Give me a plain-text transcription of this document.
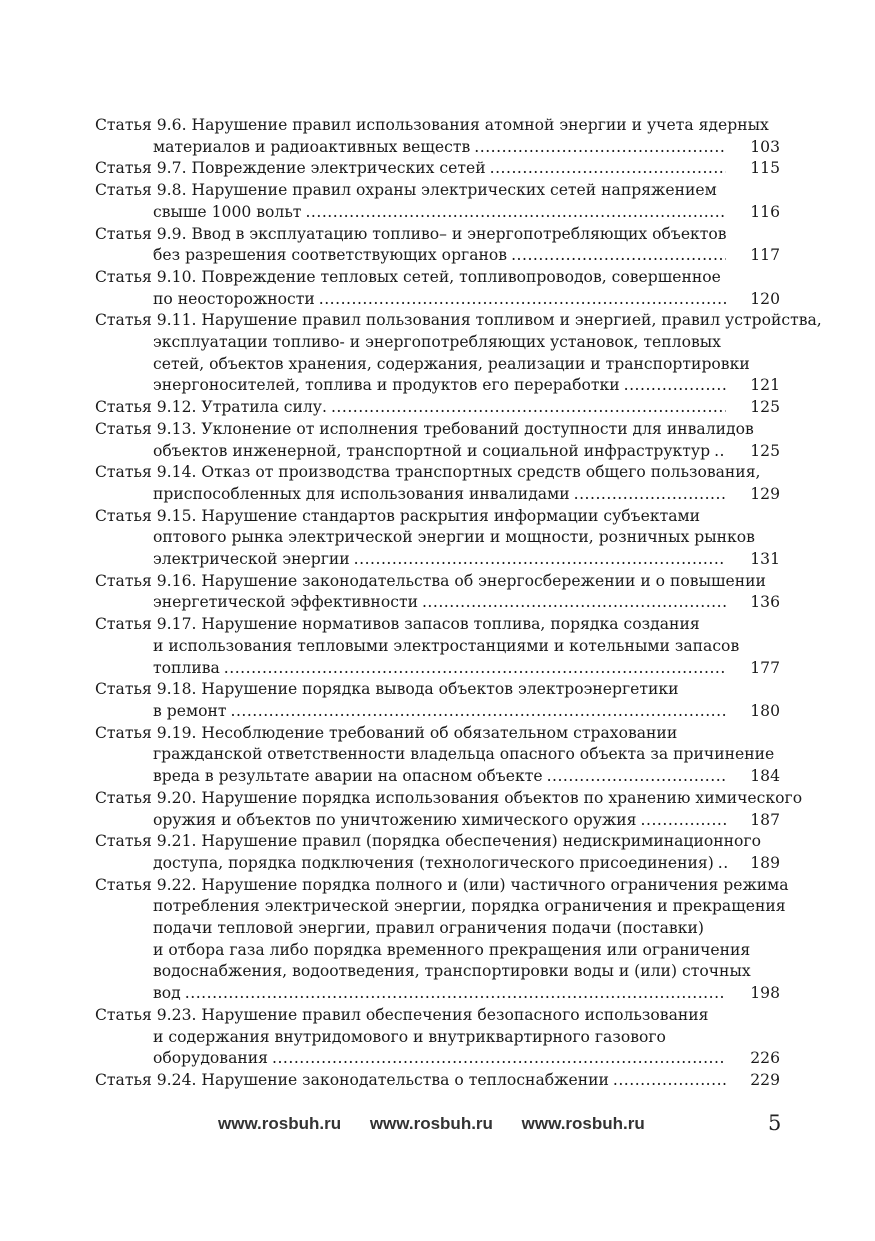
Статья 9.6. Нарушение правил использования атомной энергии и учета ядерных
материалов и радиоактивных веществ .....	103
Статья 9.7. Повреждение электрических сетей .....	115
Статья 9.8. Нарушение правил охраны электрических сетей напряжением
свыше 1000 вольт .....	116
Статья 9.9. Ввод в эксплуатацию топливо– и энергопотребляющих объектов
без разрешения соответствующих органов .....	117
Статья 9.10. Повреждение тепловых сетей, топливопроводов, совершенное
по неосторожности .....	120
Статья 9.11. Нарушение правил пользования топливом и энергией, правил устройства,
эксплуатации топливо- и энергопотребляющих установок, тепловых
сетей, объектов хранения, содержания, реализации и транспортировки
энергоносителей, топлива и продуктов его переработки .....	121
Статья 9.12. Утратила силу. .....	125
Статья 9.13. Уклонение от исполнения требований доступности для инвалидов
объектов инженерной, транспортной и социальной инфраструктур .....	125
Статья 9.14. Отказ от производства транспортных средств общего пользования,
приспособленных для использования инвалидами .....	129
Статья 9.15. Нарушение стандартов раскрытия информации субъектами
оптового рынка электрической энергии и мощности, розничных рынков
электрической энергии .....	131
Статья 9.16. Нарушение законодательства об энергосбережении и о повышении
энергетической эффективности .....	136
Статья 9.17. Нарушение нормативов запасов топлива, порядка создания
и использования тепловыми электростанциями и котельными запасов
топлива .....	177
Статья 9.18. Нарушение порядка вывода объектов электроэнергетики
в ремонт .....	180
Статья 9.19. Несоблюдение требований об обязательном страховании
гражданской ответственности владельца опасного объекта за причинение
вреда в результате аварии на опасном объекте .....	184
Статья 9.20. Нарушение порядка использования объектов по хранению химического
оружия и объектов по уничтожению химического оружия .....	187
Статья 9.21. Нарушение правил (порядка обеспечения) недискриминационного
доступа, порядка подключения (технологического присоединения) .....	189
Статья 9.22. Нарушение порядка полного и (или) частичного ограничения режима
потребления электрической энергии, порядка ограничения и прекращения
подачи тепловой энергии, правил ограничения подачи (поставки)
и отбора газа либо порядка временного прекращения или ограничения
водоснабжения, водоотведения, транспортировки воды и (или) сточных
вод .....	198
Статья 9.23. Нарушение правил обеспечения безопасного использования
и содержания внутридомового и внутриквартирного газового
оборудования .....	226
Статья 9.24. Нарушение законодательства о теплоснабжении .....	229
www.rosbuh.ru www.rosbuh.ru www.rosbuh.ru	5
